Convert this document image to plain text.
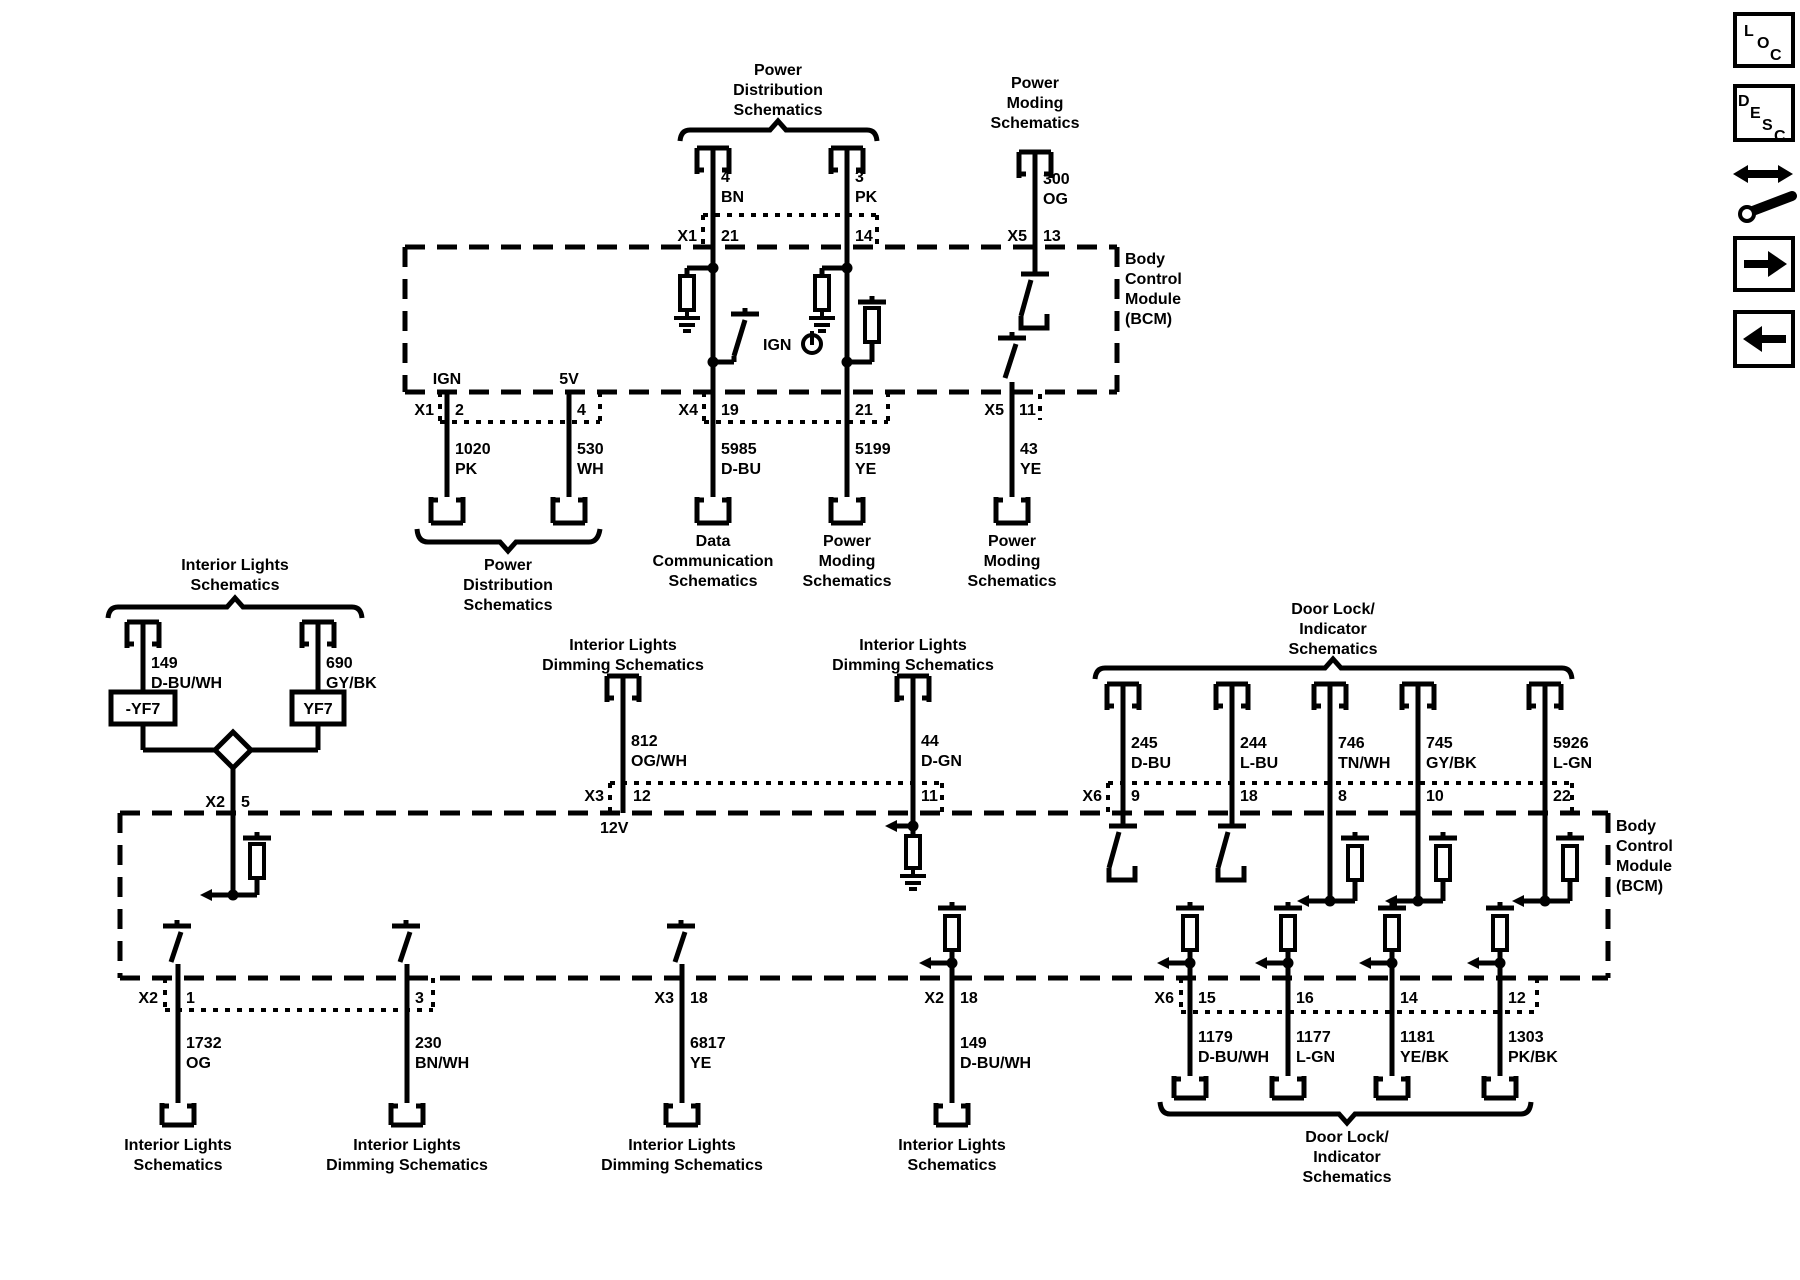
Power
Distribution
Schematics
Power
Moding
Schematics
4
BN
3
PK
300
OG
X1 21	14	X5 13
Body
Control
Module
(BCM)
IGN
IGN	5V
X1 2	4	X4 19	21	X5 11
1020
PK
530
WH
5985
D-BU
5199
YE
43
YE
Power
Distribution
Schematics
Data
Communication
Schematics
Power
Moding
Schematics
Power
Moding
Schematics
Interior Lights
Schematics
149
D-BU/WH
690
GY/BK
-YF7	YF7
X2 5
Body
Control
Module
(BCM)
X2 1	3
1732
OG
230
BN/WH
Interior Lights
Schematics
Interior Lights
Dimming Schematics
Interior Lights
Dimming Schematics
812
OG/WH
X3 12	11
12V
Interior Lights
Dimming Schematics
44
D-GN
X3 18
6817
YE
Interior Lights
Dimming Schematics
X2 18
149
D-BU/WH
Interior Lights
Schematics
Door Lock/
Indicator
Schematics
245
D-BU
244
L-BU
746
TN/WH
745
GY/BK
5926
L-GN
X6 9	18	8	10	22
X6 15	16	14	12
1179
D-BU/WH
1177
L-GN
1181
YE/BK
1303
PK/BK
Door Lock/
Indicator
Schematics
L O C
D E S C
